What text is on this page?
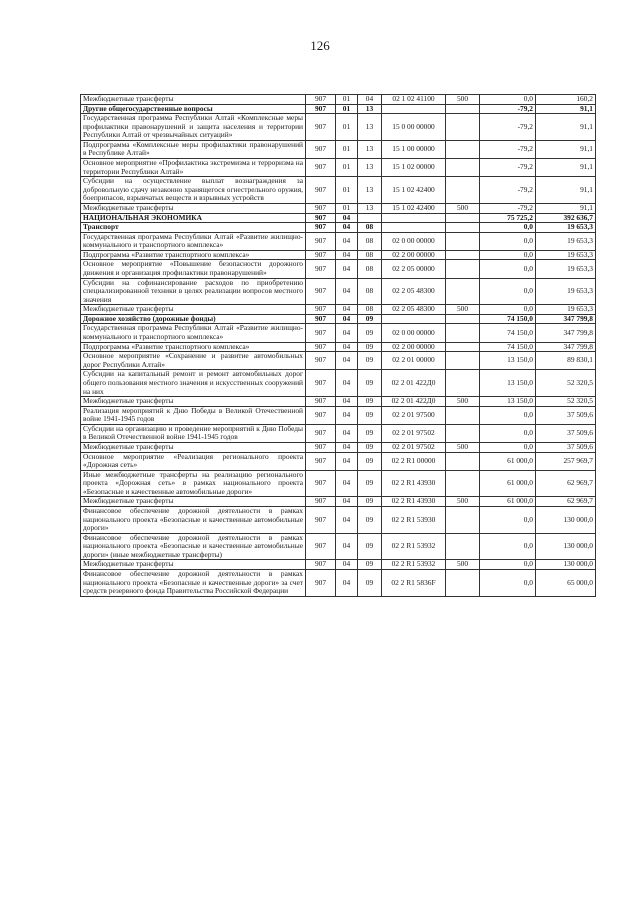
126
Межбюджетные трансферты	907	01	04	02 1 02 41100	500	0,0	160,2
Другие общегосударственные вопросы	907	01	13			-79,2	91,1
Государственная программа Республики Алтай «Комплексные меры профилактики правонарушений и защита населения и территории Республики Алтай от чрезвычайных ситуаций»	907	01	13	15 0 00 00000		-79,2	91,1
Подпрограмма «Комплексные меры профилактики правонарушений в Республике Алтай»	907	01	13	15 1 00 00000		-79,2	91,1
Основное мероприятие «Профилактика экстремизма и терроризма на территории Республики Алтай»	907	01	13	15 1 02 00000		-79,2	91,1
Субсидии на осуществление выплат вознаграждения за добровольную сдачу незаконно хранящегося огнестрельного оружия, боеприпасов, взрывчатых веществ и взрывных устройств	907	01	13	15 1 02 42400		-79,2	91,1
Межбюджетные трансферты	907	01	13	15 1 02 42400	500	-79,2	91,1
НАЦИОНАЛЬНАЯ ЭКОНОМИКА	907	04				75 725,2	392 636,7
Транспорт	907	04	08			0,0	19 653,3
Государственная программа Республики Алтай «Развитие жилищно-коммунального и транспортного комплекса»	907	04	08	02 0 00 00000		0,0	19 653,3
Подпрограмма «Развитие транспортного комплекса»	907	04	08	02 2 00 00000		0,0	19 653,3
Основное мероприятие «Повышение безопасности дорожного движения и организация профилактики правонарушений»	907	04	08	02 2 05 00000		0,0	19 653,3
Субсидии на софинансирование расходов по приобретению специализированной техники в целях реализации вопросов местного значения	907	04	08	02 2 05 48300		0,0	19 653,3
Межбюджетные трансферты	907	04	08	02 2 05 48300	500	0,0	19 653,3
Дорожное хозяйство (дорожные фонды)	907	04	09			74 150,0	347 799,8
Государственная программа Республики Алтай «Развитие жилищно-коммунального и транспортного комплекса»	907	04	09	02 0 00 00000		74 150,0	347 799,8
Подпрограмма «Развитие транспортного комплекса»	907	04	09	02 2 00 00000		74 150,0	347 799,8
Основное мероприятие «Сохранение и развитие автомобильных дорог Республики Алтай»	907	04	09	02 2 01 00000		13 150,0	89 830,1
Субсидии на капитальный ремонт и ремонт автомобильных дорог общего пользования местного значения и искусственных сооружений на них	907	04	09	02 2 01 422Д0		13 150,0	52 320,5
Межбюджетные трансферты	907	04	09	02 2 01 422Д0	500	13 150,0	52 320,5
Реализация мероприятий к Дню Победы в Великой Отечественной войне 1941-1945 годов	907	04	09	02 2 01 97500		0,0	37 509,6
Субсидии на организацию и проведение мероприятий к Дню Победы в Великой Отечественной войне 1941-1945 годов	907	04	09	02 2 01 97502		0,0	37 509,6
Межбюджетные трансферты	907	04	09	02 2 01 97502	500	0,0	37 509,6
Основное мероприятие «Реализация регионального проекта «Дорожная сеть»	907	04	09	02 2 R1 00000		61 000,0	257 969,7
Иные межбюджетные трансферты на реализацию регионального проекта «Дорожная сеть» в рамках национального проекта «Безопасные и качественные автомобильные дороги»	907	04	09	02 2 R1 43930		61 000,0	62 969,7
Межбюджетные трансферты	907	04	09	02 2 R1 43930	500	61 000,0	62 969,7
Финансовое обеспечение дорожной деятельности в рамках национального проекта «Безопасные и качественные автомобильные дороги»	907	04	09	02 2 R1 53930		0,0	130 000,0
Финансовое обеспечение дорожной деятельности в рамках национального проекта «Безопасные и качественные автомобильные дороги» (иные межбюджетные трансферты)	907	04	09	02 2 R1 53932		0,0	130 000,0
Межбюджетные трансферты	907	04	09	02 2 R1 53932	500	0,0	130 000,0
Финансовое обеспечение дорожной деятельности в рамках национального проекта «Безопасные и качественные дороги» за счет средств резервного фонда Правительства Российской Федерации	907	04	09	02 2 R1 5836F		0,0	65 000,0
